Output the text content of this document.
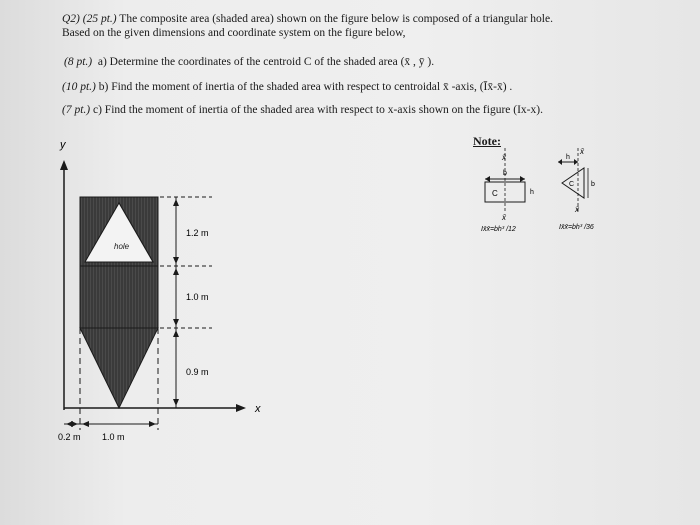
Q2) (25 pt.) The composite area (shaded area) shown on the figure below is composed of a triangular hole.
Based on the given dimensions and coordinate system on the figure below,
(8 pt.) a) Determine the coordinates of the centroid C of the shaded area (x̄ , ȳ ).
(10 pt.) b) Find the moment of inertia of the shaded area with respect to centroidal x̄ -axis, (Īx̄-x̄) .
(7 pt.) c) Find the moment of inertia of the shaded area with respect to x-axis shown on the figure (Ix-x).
Note:
y
x
hole
1.2 m
1.0 m
0.9 m
0.2 m 1.0 m
x̄
b
C	h
x̄
Ix̄x̄=bh³ /12
x̄
h
C b
x̄
Ix̄x̄=bh³ /36
